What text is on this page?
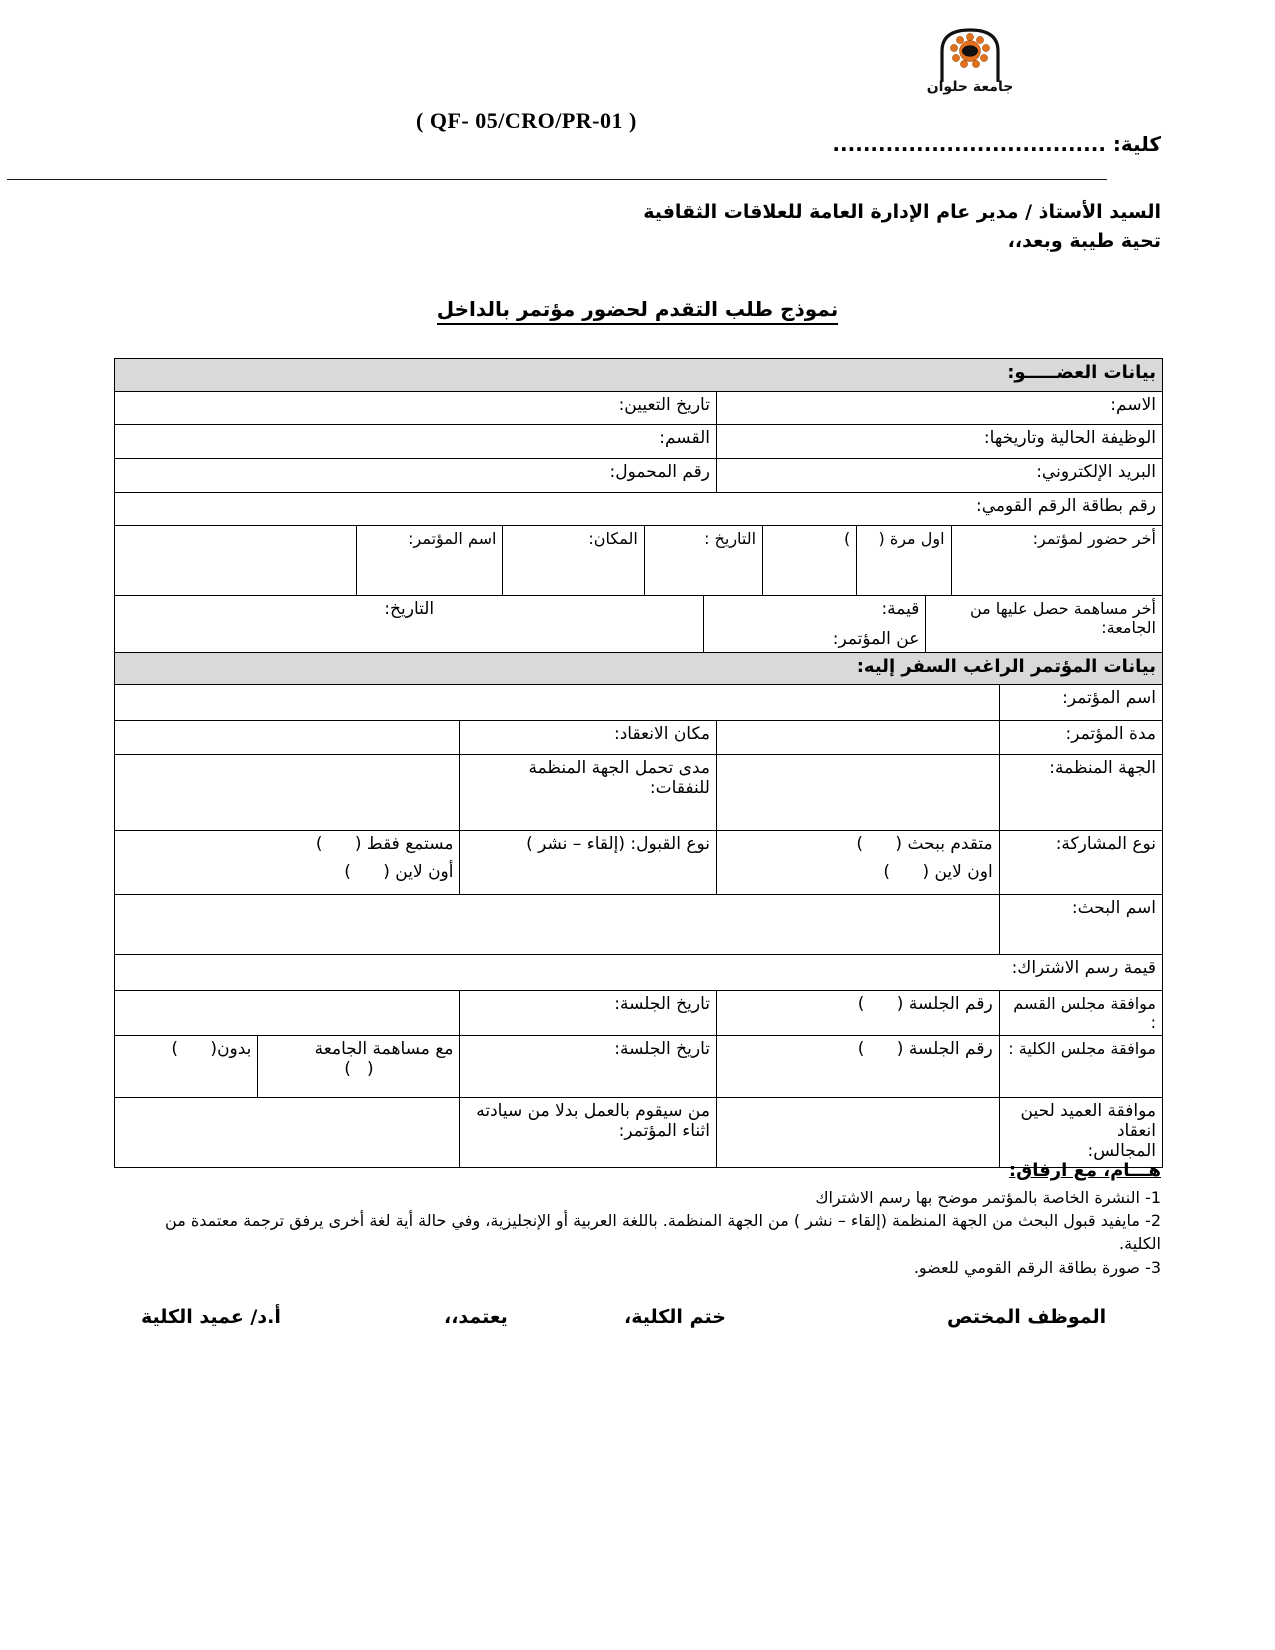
جامعة حلوان
( QF- 05/CRO/PR-01 )
كلية: ....................................
السيد الأستاذ / مدير عام الإدارة العامة للعلاقات الثقافية
تحية طيبة وبعد،،
نموذج طلب التقدم لحضور مؤتمر بالداخل
بيانات العضـــــو:
الاسم:
تاريخ التعيين:
الوظيفة الحالية وتاريخها:
القسم:
البريد الإلكتروني:
رقم المحمول:
رقم بطاقة الرقم القومي:
أخر حضور لمؤتمر:
اول مرة (
)
التاريخ :
المكان:
اسم المؤتمر:
أخر مساهمة حصل عليها من
الجامعة:
قيمة:
عن المؤتمر:
التاريخ:
بيانات المؤتمر الراغب السفر إليه:
اسم المؤتمر:
مدة المؤتمر:
مكان الانعقاد:
الجهة المنظمة:
مدى تحمل الجهة المنظمة للنفقات:
نوع المشاركة:
متقدم ببحث (      )
اون لاين (      )
نوع القبول: (إلقاء – نشر )
مستمع فقط (      )
أون لاين (      )
اسم البحث:
قيمة رسم الاشتراك:
موافقة مجلس القسم :
رقم الجلسة (      )
تاريخ الجلسة:
موافقة مجلس الكلية :
رقم الجلسة (      )
تاريخ الجلسة:
مع مساهمة الجامعة
(   )
بدون(      )
موافقة العميد لحين انعقاد
المجالس:
من سيقوم بالعمل بدلا من سيادته اثناء المؤتمر:
هـــام، مع ارفاق:
1- النشرة الخاصة بالمؤتمر موضح بها رسم الاشتراك
2- مايفيد قبول البحث من الجهة المنظمة (إلقاء – نشر ) من الجهة المنظمة. باللغة العربية أو الإنجليزية، وفي حالة أية لغة أخرى يرفق ترجمة معتمدة من الكلية.
3- صورة بطاقة الرقم القومي للعضو.
الموظف المختص
ختم الكلية،
يعتمد،،
أ.د/ عميد الكلية
